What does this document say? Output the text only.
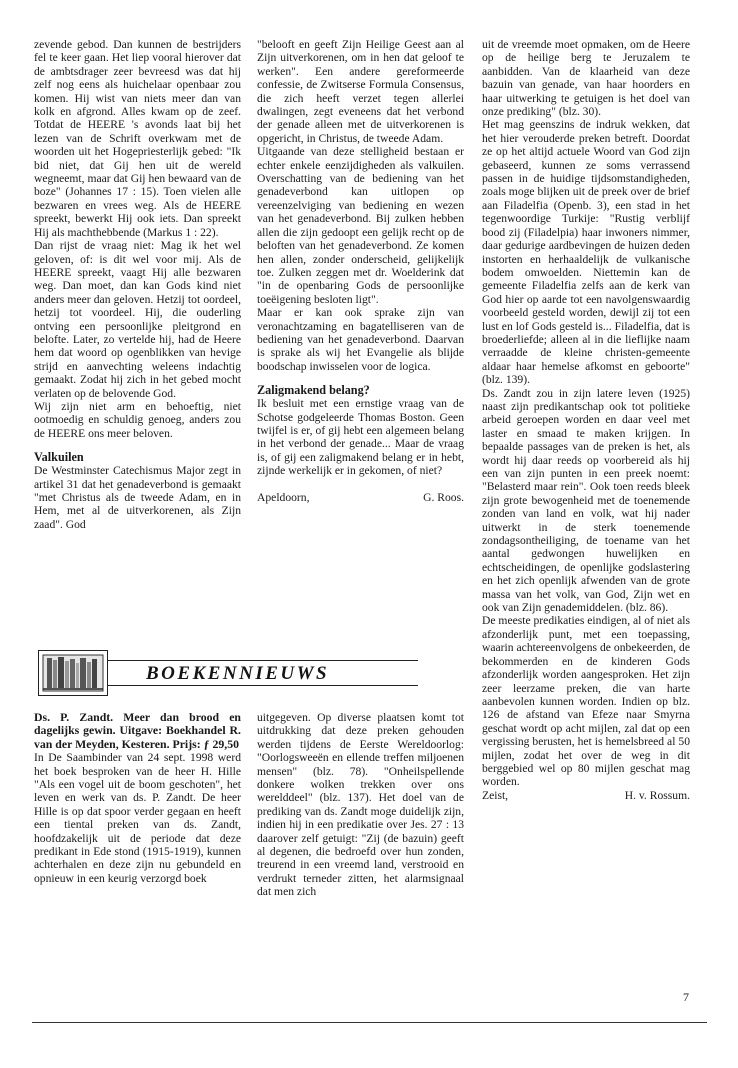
zevende gebod. Dan kunnen de bestrijders fel te keer gaan. Het liep vooral hierover dat de ambtsdrager zeer bevreesd was dat hij zelf nog eens als huichelaar openbaar zou komen. Hij wist van niets meer dan van kolk en afgrond. Alles kwam op de zeef. Totdat de HEERE 's avonds laat bij het lezen van de Schrift overkwam met de woorden uit het Hogepriesterlijk gebed: "Ik bid niet, dat Gij hen uit de wereld wegneemt, maar dat Gij hen bewaard van de boze" (Johannes 17 : 15). Toen vielen alle bezwaren en vrees weg. Als de HEERE spreekt, bewerkt Hij ook iets. Dan spreekt Hij als machthebbende (Markus 1 : 22).
Dan rijst de vraag niet: Mag ik het wel geloven, of: is dit wel voor mij. Als de HEERE spreekt, vaagt Hij alle bezwaren weg. Dan moet, dan kan Gods kind niet anders meer dan geloven. Hetzij tot oordeel, hetzij tot voordeel. Hij, die ouderling ontving een persoonlijke pleitgrond en belofte. Later, zo vertelde hij, had de Heere hem dat woord op ogenblikken van hevige strijd en aanvechting weleens indachtig gemaakt. Zodat hij zich in het gebed mocht verlaten op de belovende God.
Wij zijn niet arm en behoeftig, niet ootmoedig en schuldig genoeg, anders zou de HEERE ons meer beloven.

Valkuilen

De Westminster Catechismus Major zegt in artikel 31 dat het genadeverbond is gemaakt "met Christus als de tweede Adam, en in Hem, met al de uitverkorenen, als Zijn zaad". God

"belooft en geeft Zijn Heilige Geest aan al Zijn uitverkorenen, om in hen dat geloof te werken". Een andere gereformeerde confessie, de Zwitserse Formula Consensus, die zich heeft verzet tegen allerlei dwalingen, zegt eveneens dat het verbond der genade alleen met de uitverkorenen is opgericht, in Christus, de tweede Adam.
Uitgaande van deze stelligheid bestaan er echter enkele eenzijdigheden als valkuilen. Overschatting van de bediening van het genadeverbond kan uitlopen op vereenzelviging van bediening en wezen van het genadeverbond. Bij zulken hebben allen die zijn gedoopt een gelijk recht op de beloften van het genadeverbond. Ze komen hen allen, zonder onderscheid, gelijkelijk toe. Zulken zeggen met dr. Woelderink dat "in de openbaring Gods de persoonlijke toeëigening besloten ligt".
Maar er kan ook sprake zijn van veronachtzaming en bagatelliseren van de bediening van het genadeverbond. Daarvan is sprake als wij het Evangelie als blijde boodschap inwisselen voor de logica.

Zaligmakend belang?

Ik besluit met een ernstige vraag van de Schotse godgeleerde Thomas Boston. Geen twijfel is er, of gij hebt een algemeen belang in het verbond der genade... Maar de vraag is, of gij een zaligmakend belang er in hebt, zijnde werkelijk er in gekomen, of niet?

Apeldoorn,	G. Roos.

uit de vreemde moet opmaken, om de Heere op de heilige berg te Jeruzalem te aanbidden. Van de klaarheid van deze bazuin van genade, van haar hoorders en haar uitwerking te getuigen is het doel van onze prediking" (blz. 30).
Het mag geenszins de indruk wekken, dat het hier verouderde preken betreft. Doordat ze op het altijd actuele Woord van God zijn gebaseerd, kunnen ze soms verrassend passen in de huidige tijdsomstandigheden, zoals moge blijken uit de preek over de brief aan Filadelfia (Openb. 3), een stad in het tegenwoordige Turkije: "Rustig verblijf bood zij (Filadelpia) haar inwoners nimmer, daar gedurige aardbevingen de huizen deden instorten en herhaaldelijk de vulkanische bodem omwoelden. Niettemin kan de gemeente Filadelfia zelfs aan de kerk van God hier op aarde tot een navolgenswaardig voorbeeld gesteld worden, dewijl zij tot een lust en lof Gods gesteld is... Filadelfia, dat is broederliefde; alleen al in die lieflijke naam verraadde de kleine christen-gemeente aldaar haar hemelse afkomst en geboorte" (blz. 139).
Ds. Zandt zou in zijn latere leven (1925) naast zijn predikantschap ook tot politieke arbeid geroepen worden en daar veel met laster en smaad te maken krijgen. In bepaalde passages van de preken is het, als wordt hij daar reeds op voorbereid als hij een van zijn punten in een preek noemt: "Belasterd maar rein". Ook toen reeds bleek zijn grote bewogenheid met de toenemende zonden van land en volk, wat hij nader uitwerkt in de sterk toenemende zondagsontheiliging, de toename van het aantal gedwongen huwelijken en echtscheidingen, de openlijke godslastering en het zich openlijk afwenden van de grote massa van het volk, van God, Zijn wet en ook van Zijn genademiddelen. (blz. 86).
De meeste predikaties eindigen, al of niet als afzonderlijk punt, met een toepassing, waarin achtereenvolgens de onbekeerden, de bekommerden en de kinderen Gods afzonderlijk worden aangesproken. Het zijn zeer leerzame preken, die van harte aanbevolen kunnen worden. Indien op blz. 126 de afstand van Efeze naar Smyrna geschat wordt op acht mijlen, zal dat op een vergissing berusten, het is hemelsbreed al 50 mijlen, zodat het over de weg in dit berggebied wel op 80 mijlen geschat mag worden.

Zeist,	H. v. Rossum.
BOEKENNIEUWS

Ds. P. Zandt. Meer dan brood en dagelijks gewin. Uitgave: Boekhandel R. van der Meyden, Kesteren. Prijs: ƒ 29,50

In De Saambinder van 24 sept. 1998 werd het boek besproken van de heer H. Hille "Als een vogel uit de boom geschoten", het leven en werk van ds. P. Zandt. De heer Hille is op dat spoor verder gegaan en heeft een tiental preken van ds. Zandt, hoofdzakelijk uit de periode dat deze predikant in Ede stond (1915-1919), kunnen achterhalen en deze zijn nu gebundeld en opnieuw in een keurig verzorgd boek

uitgegeven. Op diverse plaatsen komt tot uitdrukking dat deze preken gehouden werden tijdens de Eerste Wereldoorlog: "Oorlogsweeën en ellende treffen miljoenen mensen" (blz. 78). "Onheilspellende donkere wolken trekken over ons werelddeel" (blz. 137). Het doel van de prediking van ds. Zandt moge duidelijk zijn, indien hij in een predikatie over Jes. 27 : 13 daarover zelf getuigt: "Zij (de bazuin) geeft al degenen, die bedroefd over hun zonden, treurend in een vreemd land, verstrooid en verdrukt terneder zitten, het alarmsignaal dat men zich

7
